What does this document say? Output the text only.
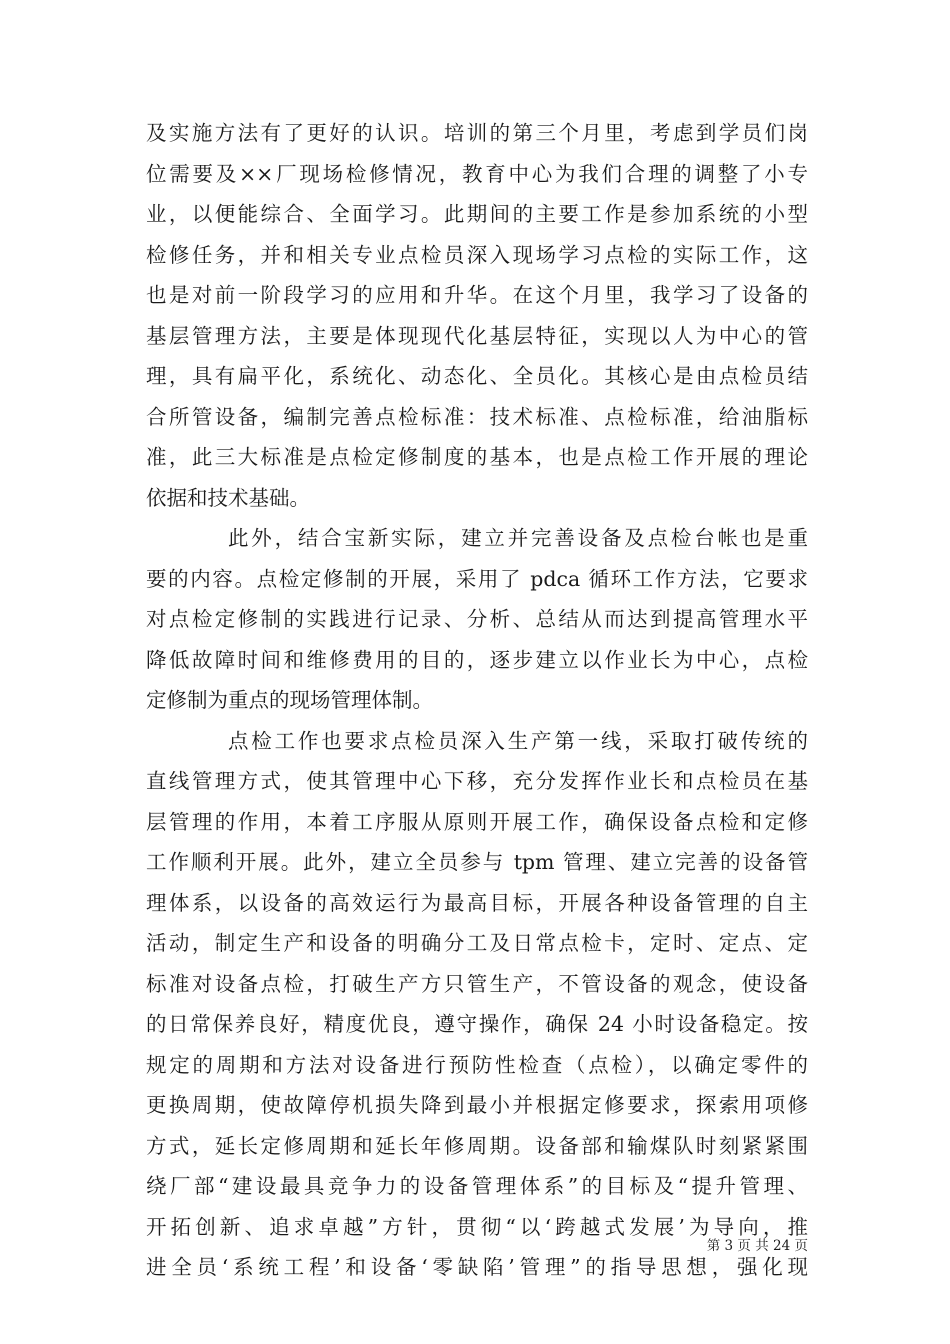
及实施方法有了更好的认识。培训的第三个月里，考虑到学员们岗
位需要及××厂现场检修情况，教育中心为我们合理的调整了小专
业，以便能综合、全面学习。此期间的主要工作是参加系统的小型
检修任务，并和相关专业点检员深入现场学习点检的实际工作，这
也是对前一阶段学习的应用和升华。在这个月里，我学习了设备的
基层管理方法，主要是体现现代化基层特征，实现以人为中心的管
理，具有扁平化，系统化、动态化、全员化。其核心是由点检员结
合所管设备，编制完善点检标准：技术标准、点检标准，给油脂标
准，此三大标准是点检定修制度的基本，也是点检工作开展的理论
依据和技术基础。
此外，结合宝新实际，建立并完善设备及点检台帐也是重
要的内容。点检定修制的开展，采用了 pdca 循环工作方法，它要求
对点检定修制的实践进行记录、分析、总结从而达到提高管理水平
降低故障时间和维修费用的目的，逐步建立以作业长为中心，点检
定修制为重点的现场管理体制。
点检工作也要求点检员深入生产第一线，采取打破传统的
直线管理方式，使其管理中心下移，充分发挥作业长和点检员在基
层管理的作用，本着工序服从原则开展工作，确保设备点检和定修
工作顺利开展。此外，建立全员参与 tpm 管理、建立完善的设备管
理体系，以设备的高效运行为最高目标，开展各种设备管理的自主
活动，制定生产和设备的明确分工及日常点检卡，定时、定点、定
标准对设备点检，打破生产方只管生产，不管设备的观念，使设备
的日常保养良好，精度优良，遵守操作，确保 24 小时设备稳定。按
规定的周期和方法对设备进行预防性检查（点检），以确定零件的
更换周期，使故障停机损失降到最小并根据定修要求，探索用项修
方式，延长定修周期和延长年修周期。设备部和输煤队时刻紧紧围
绕厂部“建设最具竞争力的设备管理体系”的目标及“提升管理、
开拓创新、追求卓越”方针，贯彻“以‘跨越式发展’为导向，推
进全员‘系统工程’和设备‘零缺陷’管理”的指导思想，强化现
第 3 页 共 24 页
